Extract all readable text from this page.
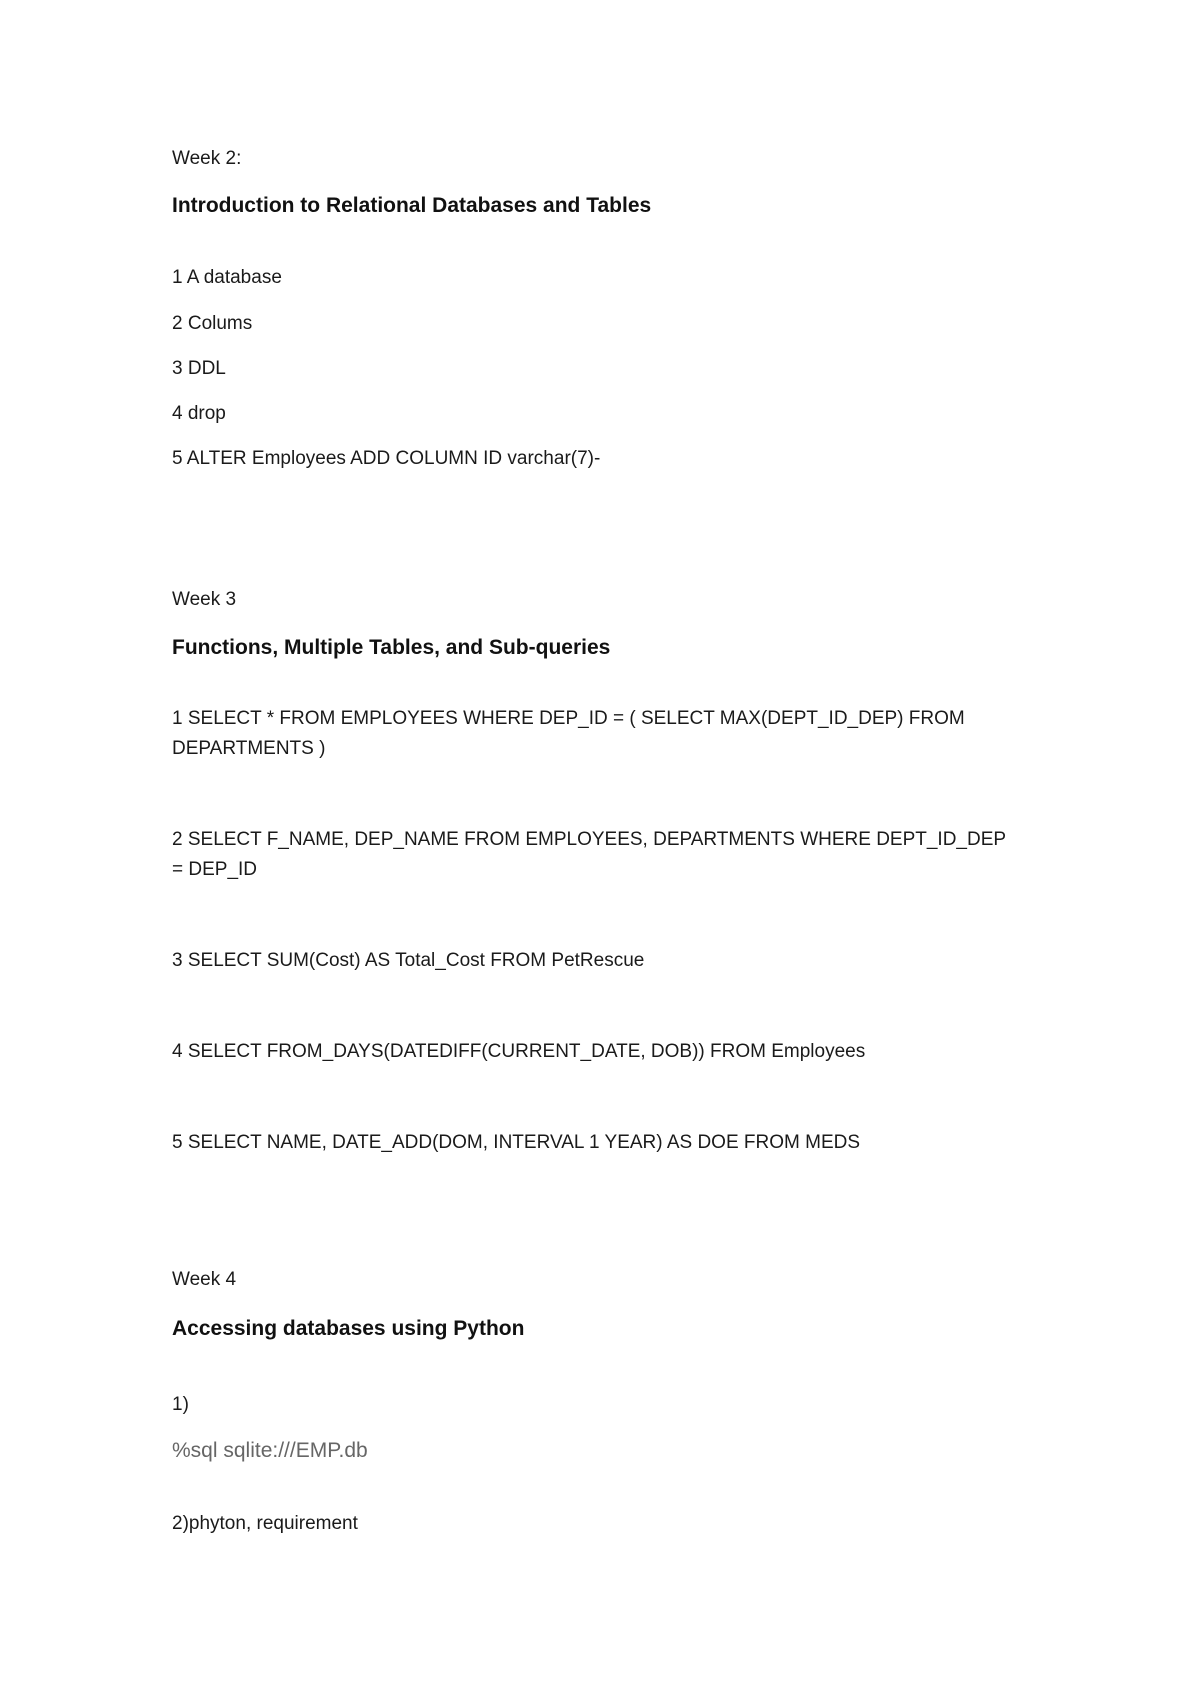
Week 2:
Introduction to Relational Databases and Tables
1 A database
2 Colums
3 DDL
4 drop
5 ALTER Employees ADD COLUMN ID varchar(7)-
Week 3
Functions, Multiple Tables, and Sub-queries
1 SELECT * FROM EMPLOYEES WHERE DEP_ID = ( SELECT MAX(DEPT_ID_DEP) FROM DEPARTMENTS )
2 SELECT F_NAME, DEP_NAME FROM EMPLOYEES, DEPARTMENTS WHERE DEPT_ID_DEP = DEP_ID
3 SELECT SUM(Cost) AS Total_Cost FROM PetRescue
4 SELECT FROM_DAYS(DATEDIFF(CURRENT_DATE, DOB)) FROM Employees
5 SELECT NAME, DATE_ADD(DOM, INTERVAL 1 YEAR) AS DOE FROM MEDS
Week 4
Accessing databases using Python
1)
%sql sqlite:///EMP.db
2)phyton, requirement
